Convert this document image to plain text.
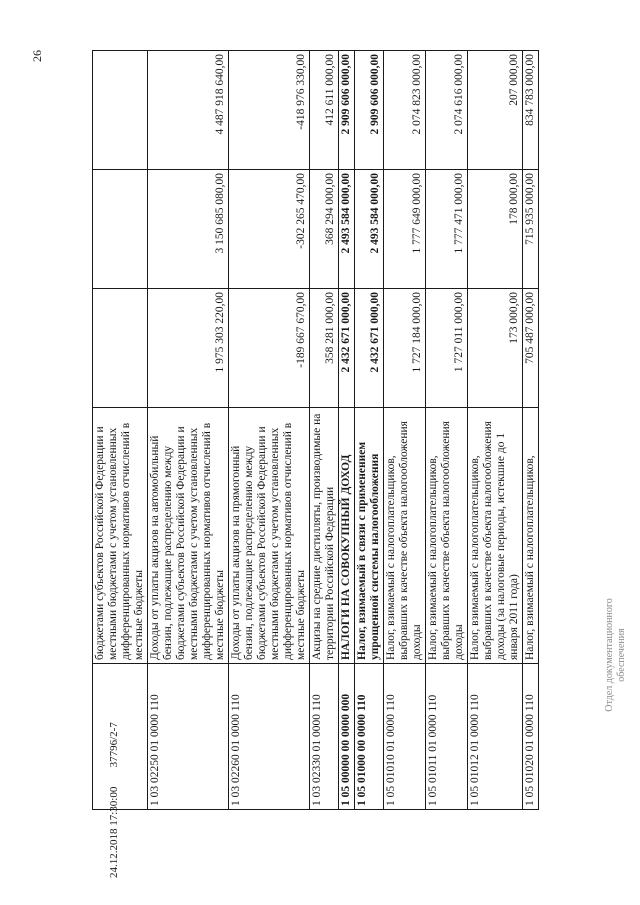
26
	бюджетами субъектов Российской Федерации и местными бюджетами с учетом установленных дифференцированных нормативов отчислений в местные бюджеты			
1 03 02250 01 0000 110	Доходы от уплаты акцизов на автомобильный бензин, подлежащие распределению между бюджетами субъектов Российской Федерации и местными бюджетами с учетом установленных дифференцированных нормативов отчислений в местные бюджеты	1 975 303 220,00	3 150 685 080,00	4 487 918 640,00
1 03 02260 01 0000 110	Доходы от уплаты акцизов на прямогонный бензин, подлежащие распределению между бюджетами субъектов Российской Федерации и местными бюджетами с учетом установленных дифференцированных нормативов отчислений в местные бюджеты	-189 667 670,00	-302 265 470,00	-418 976 330,00
1 03 02330 01 0000 110	Акцизы на средние дистилляты, производимые на территории Российской Федерации	358 281 000,00	368 294 000,00	412 611 000,00
1 05 00000 00 0000 000	НАЛОГИ НА СОВОКУПНЫЙ ДОХОД	2 432 671 000,00	2 493 584 000,00	2 909 606 000,00
1 05 01000 00 0000 110	Налог, взимаемый в связи с применением упрощенной системы налогообложения	2 432 671 000,00	2 493 584 000,00	2 909 606 000,00
1 05 01010 01 0000 110	Налог, взимаемый с налогоплательщиков, выбравших в качестве объекта налогообложения доходы	1 727 184 000,00	1 777 649 000,00	2 074 823 000,00
1 05 01011 01 0000 110	Налог, взимаемый с налогоплательщиков, выбравших в качестве объекта налогообложения доходы	1 727 011 000,00	1 777 471 000,00	2 074 616 000,00
1 05 01012 01 0000 110	Налог, взимаемый с налогоплательщиков, выбравших в качестве объекта налогообложения доходы (за налоговые периоды, истекшие до 1 января 2011 года)	173 000,00	178 000,00	207 000,00
1 05 01020 01 0000 110	Налог, взимаемый с налогоплательщиков,	705 487 000,00	715 935 000,00	834 783 000,00
24.12.2018 17:30:00       37796/2-7
Отдел документационного обеспечения
